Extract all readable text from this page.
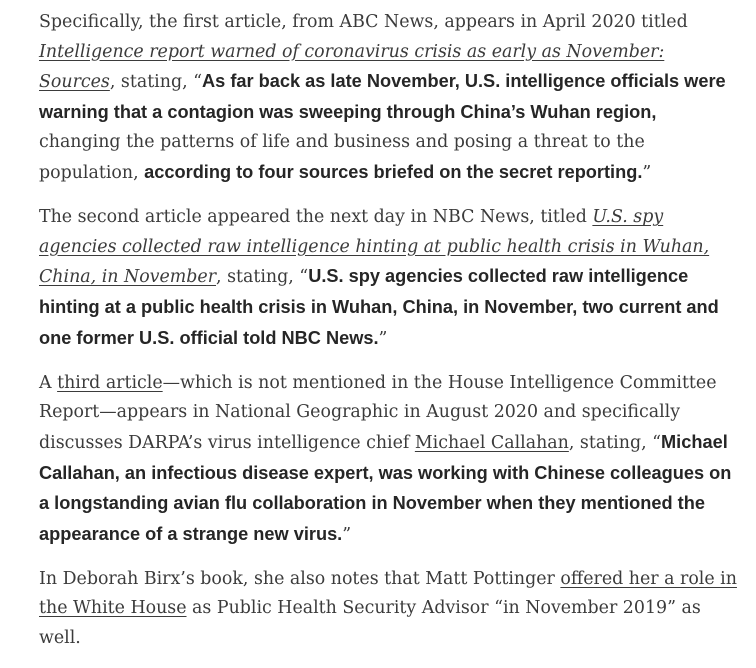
Specifically, the first article, from ABC News, appears in April 2020 titled Intelligence report warned of coronavirus crisis as early as November: Sources, stating, “As far back as late November, U.S. intelligence officials were warning that a contagion was sweeping through China’s Wuhan region, changing the patterns of life and business and posing a threat to the population, according to four sources briefed on the secret reporting.”

The second article appeared the next day in NBC News, titled U.S. spy agencies collected raw intelligence hinting at public health crisis in Wuhan, China, in November, stating, “U.S. spy agencies collected raw intelligence hinting at a public health crisis in Wuhan, China, in November, two current and one former U.S. official told NBC News.”

A third article—which is not mentioned in the House Intelligence Committee Report—appears in National Geographic in August 2020 and specifically discusses DARPA’s virus intelligence chief Michael Callahan, stating, “Michael Callahan, an infectious disease expert, was working with Chinese colleagues on a longstanding avian flu collaboration in November when they mentioned the appearance of a strange new virus.”

In Deborah Birx’s book, she also notes that Matt Pottinger offered her a role in the White House as Public Health Security Advisor “in November 2019” as well.
